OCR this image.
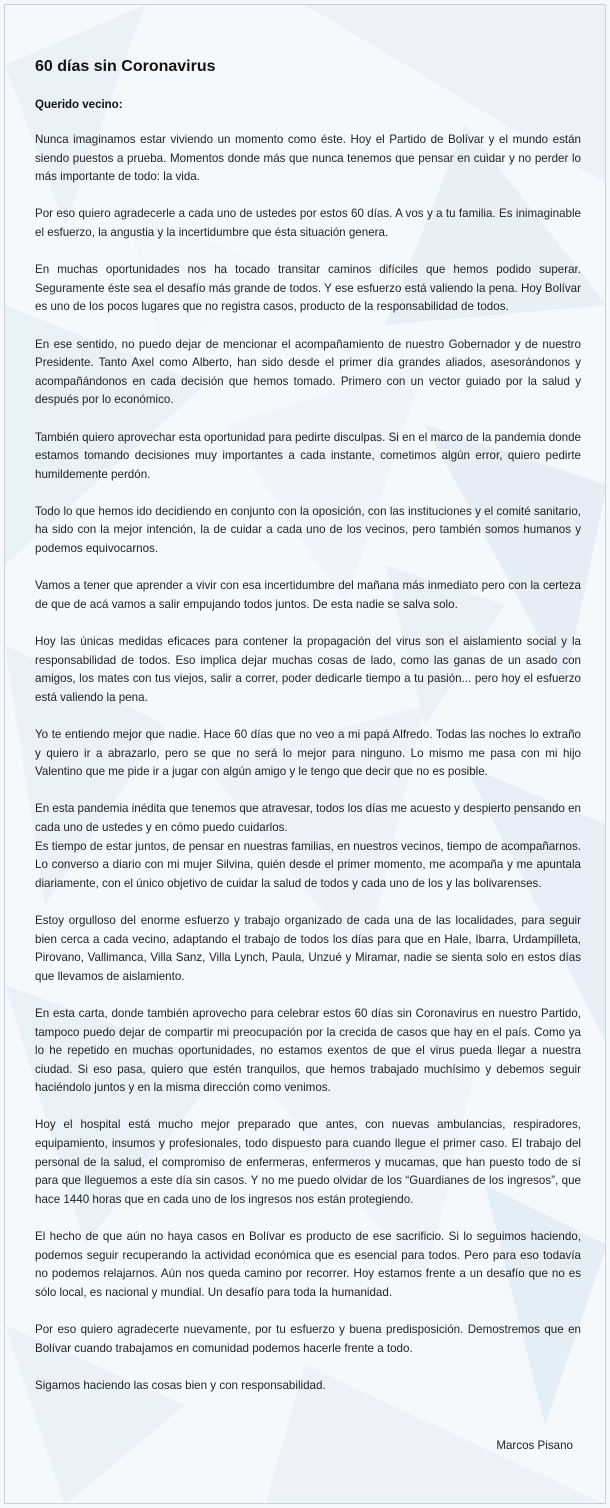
60 días sin Coronavirus
Querido vecino:

Nunca imaginamos estar viviendo un momento como éste. Hoy el Partido de Bolívar y el mundo están siendo puestos a prueba. Momentos donde más que nunca tenemos que pensar en cuidar y no perder lo más importante de todo: la vida.

Por eso quiero agradecerle a cada uno de ustedes por estos 60 días. A vos y a tu familia. Es inimaginable el esfuerzo, la angustia y la incertidumbre que ésta situación genera.

En muchas oportunidades nos ha tocado transitar caminos difíciles que hemos podido superar. Seguramente éste sea el desafío más grande de todos. Y ese esfuerzo está valiendo la pena. Hoy Bolívar es uno de los pocos lugares que no registra casos, producto de la responsabilidad de todos.

En ese sentido, no puedo dejar de mencionar el acompañamiento de nuestro Gobernador y de nuestro Presidente. Tanto Axel como Alberto, han sido desde el primer día grandes aliados, asesorándonos y acompañándonos en cada decisión que hemos tomado. Primero con un vector guiado por la salud y después por lo económico.

También quiero aprovechar esta oportunidad para pedirte disculpas. Si en el marco de la pandemia donde estamos tomando decisiones muy importantes a cada instante, cometimos algún error, quiero pedirte humildemente perdón.

Todo lo que hemos ido decidiendo en conjunto con la oposición, con las instituciones y el comité sanitario, ha sido con la mejor intención, la de cuidar a cada uno de los vecinos, pero también somos humanos y podemos equivocarnos.

Vamos a tener que aprender a vivir con esa incertidumbre del mañana más inmediato pero con la certeza de que de acá vamos a salir empujando todos juntos. De esta nadie se salva solo.

Hoy las únicas medidas eficaces para contener la propagación del virus son el aislamiento social y la responsabilidad de todos. Eso implica dejar muchas cosas de lado, como las ganas de un asado con amigos, los mates con tus viejos, salir a correr, poder dedicarle tiempo a tu pasión... pero hoy el esfuerzo está valiendo la pena.

Yo te entiendo mejor que nadie. Hace 60 días que no veo a mi papá Alfredo. Todas las noches lo extraño y quiero ir a abrazarlo, pero se que no será lo mejor para ninguno. Lo mismo me pasa con mi hijo Valentino que me pide ir a jugar con algún amigo y le tengo que decir que no es posible.

En esta pandemia inédita que tenemos que atravesar, todos los días me acuesto y despierto pensando en cada uno de ustedes y en cómo puedo cuidarlos.
Es tiempo de estar juntos, de pensar en nuestras familias, en nuestros vecinos, tiempo de acompañarnos. Lo converso a diario con mi mujer Silvina, quién desde el primer momento, me acompaña y me apuntala diariamente, con el único objetivo de cuidar la salud de todos y cada uno de los y las bolivarenses.

Estoy orgulloso del enorme esfuerzo y trabajo organizado de cada una de las localidades, para seguir bien cerca a cada vecino, adaptando el trabajo de todos los días para que en Hale, Ibarra, Urdampilleta, Pirovano, Vallimanca, Villa Sanz, Villa Lynch, Paula, Unzué y Miramar, nadie se sienta solo en estos días que llevamos de aislamiento.

En esta carta, donde también aprovecho para celebrar estos 60 días sin Coronavirus en nuestro Partido, tampoco puedo dejar de compartir mi preocupación por la crecida de casos que hay en el país. Como ya lo he repetido en muchas oportunidades, no estamos exentos de que el virus pueda llegar a nuestra ciudad. Si eso pasa, quiero que estén tranquilos, que hemos trabajado muchísimo y debemos seguir haciéndolo juntos y en la misma dirección como venimos.

Hoy el hospital está mucho mejor preparado que antes, con nuevas ambulancias, respiradores, equipamiento, insumos y profesionales, todo dispuesto para cuando llegue el primer caso. El trabajo del personal de la salud, el compromiso de enfermeras, enfermeros y mucamas, que han puesto todo de sí para que lleguemos a este día sin casos. Y no me puedo olvidar de los “Guardianes de los ingresos”, que hace 1440 horas que en cada uno de los ingresos nos están protegiendo.

El hecho de que aún no haya casos en Bolívar es producto de ese sacrificio. Si lo seguimos haciendo, podemos seguir recuperando la actividad económica que es esencial para todos. Pero para eso todavía no podemos relajarnos. Aún nos queda camino por recorrer. Hoy estamos frente a un desafío que no es sólo local, es nacional y mundial. Un desafío para toda la humanidad.

Por eso quiero agradecerte nuevamente, por tu esfuerzo y buena predisposición. Demostremos que en Bolívar cuando trabajamos en comunidad podemos hacerle frente a todo.

Sigamos haciendo las cosas bien y con responsabilidad.

Marcos Pisano
